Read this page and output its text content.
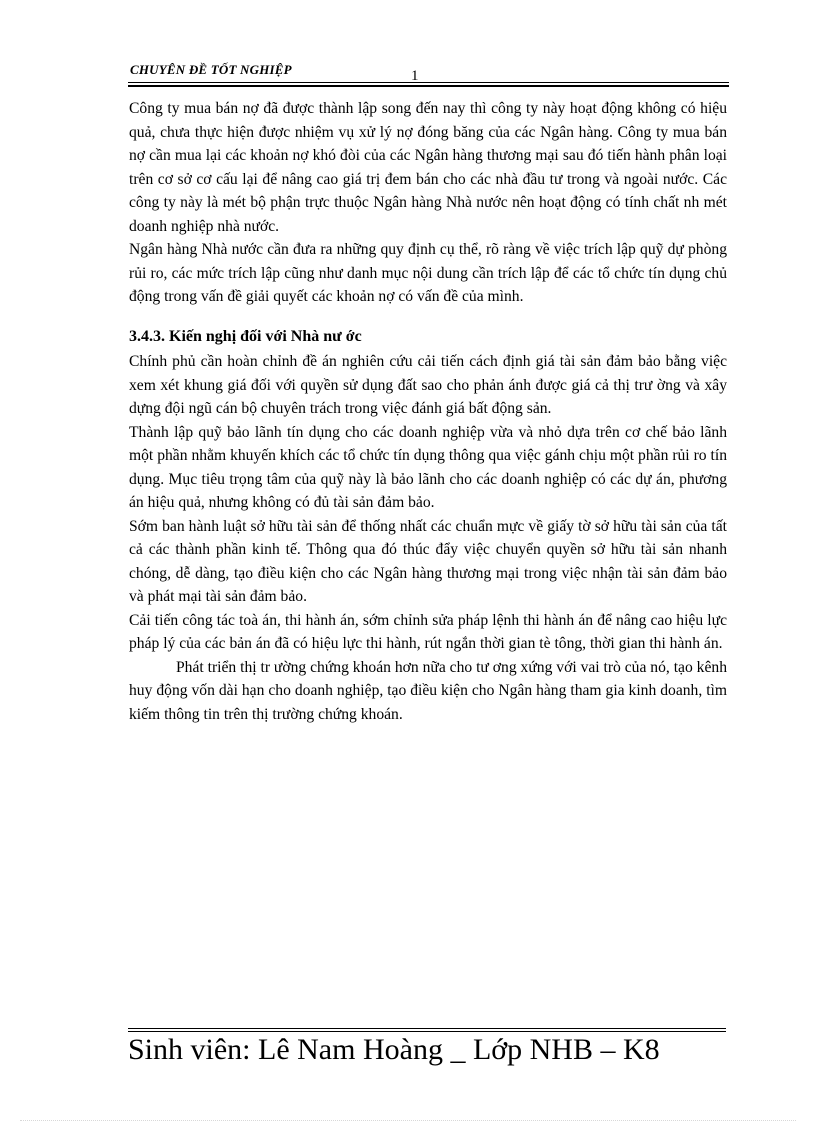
CHUYÊN ĐỀ TỐT NGHIỆP	1

Công ty mua bán nợ đã được thành lập song đến nay thì công ty này hoạt động không có hiệu quả, chưa thực hiện được nhiệm vụ xử lý nợ đóng băng của các Ngân hàng. Công ty mua bán nợ cần mua lại các khoản nợ khó đòi của các Ngân hàng thương mại sau đó tiến hành phân loại trên cơ sở cơ cấu lại để nâng cao giá trị đem bán cho các nhà đầu tư trong và ngoài nước. Các công ty này là mét bộ phận trực thuộc Ngân hàng Nhà nước nên hoạt động có tính chất nh mét doanh nghiệp nhà nước.

Ngân hàng Nhà nước cần đưa ra những quy định cụ thể, rõ ràng về việc trích lập quỹ dự phòng rủi ro, các mức trích lập cũng như danh mục nội dung cần trích lập để các tổ chức tín dụng chủ động trong vấn đề giải quyết các khoản nợ có vấn đề của mình.

3.4.3. Kiến nghị đối với Nhà nư ớc

Chính phủ cần hoàn chỉnh đề án nghiên cứu cải tiến cách định giá tài sản đảm bảo bằng việc xem xét khung giá đối với quyền sử dụng đất sao cho phản ánh được giá cả thị trư ờng và xây dựng đội ngũ cán bộ chuyên trách trong việc đánh giá bất động sản.

Thành lập quỹ bảo lãnh tín dụng cho các doanh nghiệp vừa và nhỏ dựa trên cơ chế bảo lãnh một phần nhằm khuyến khích các tổ chức tín dụng thông qua việc gánh chịu một phần rủi ro tín dụng. Mục tiêu trọng tâm của quỹ này là bảo lãnh cho các doanh nghiệp có các dự án, phương án hiệu quả, nhưng không có đủ tài sản đảm bảo.

Sớm ban hành luật sở hữu tài sản để thống nhất các chuẩn mực về giấy tờ sở hữu tài sản của tất cả các thành phần kinh tế. Thông qua đó thúc đẩy việc chuyển quyền sở hữu tài sản nhanh chóng, dễ dàng, tạo điều kiện cho các Ngân hàng thương mại trong việc nhận tài sản đảm bảo và phát mại tài sản đảm bảo.

Cải tiến công tác toà án, thi hành án, sớm chỉnh sửa pháp lệnh thi hành án để nâng cao hiệu lực pháp lý của các bản án đã có hiệu lực thi hành, rút ngắn thời gian tè tông, thời gian thi hành án.

Phát triển thị tr ường chứng khoán hơn nữa cho tư ơng xứng với vai trò của nó, tạo kênh huy động vốn dài hạn cho doanh nghiệp, tạo điều kiện cho Ngân hàng tham gia kinh doanh, tìm kiếm thông tin trên thị trường chứng khoán.

Sinh viên: Lê Nam Hoàng _ Lớp NHB – K8
